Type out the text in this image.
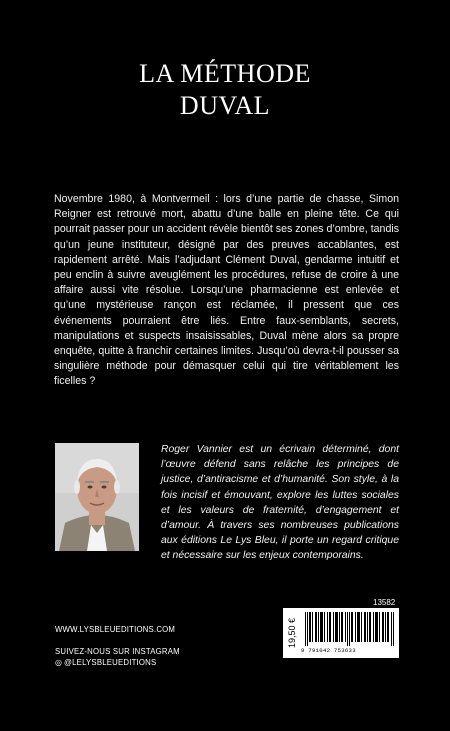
LA MÉTHODE
DUVAL

Novembre 1980, à Montvermeil : lors d’une partie de chasse, Simon Reigner est retrouvé mort, abattu d’une balle en pleine tête. Ce qui pourrait passer pour un accident révèle bientôt ses zones d’ombre, tandis qu’un jeune instituteur, désigné par des preuves accablantes, est rapidement arrêté. Mais l’adjudant Clément Duval, gendarme intuitif et peu enclin à suivre aveuglément les procédures, refuse de croire à une affaire aussi vite résolue. Lorsqu’une pharmacienne est enlevée et qu’une mystérieuse rançon est réclamée, il pressent que ces événements pourraient être liés. Entre faux-semblants, secrets, manipulations et suspects insaisissables, Duval mène alors sa propre enquête, quitte à franchir certaines limites. Jusqu’où devra-t-il pousser sa singulière méthode pour démasquer celui qui tire véritablement les ficelles ?

Roger Vannier est un écrivain déterminé, dont l’œuvre défend sans relâche les principes de justice, d’antiracisme et d’humanité. Son style, à la fois incisif et émouvant, explore les luttes sociales et les valeurs de fraternité, d’engagement et d’amour. À travers ses nombreuses publications aux éditions Le Lys Bleu, il porte un regard critique et nécessaire sur les enjeux contemporains.

13582
WWW.LYSBLEUEDITIONS.COM
SUIVEZ-NOUS SUR INSTAGRAM
◎ @LELYSBLEUEDITIONS
19,50 €
9 791042 753633
